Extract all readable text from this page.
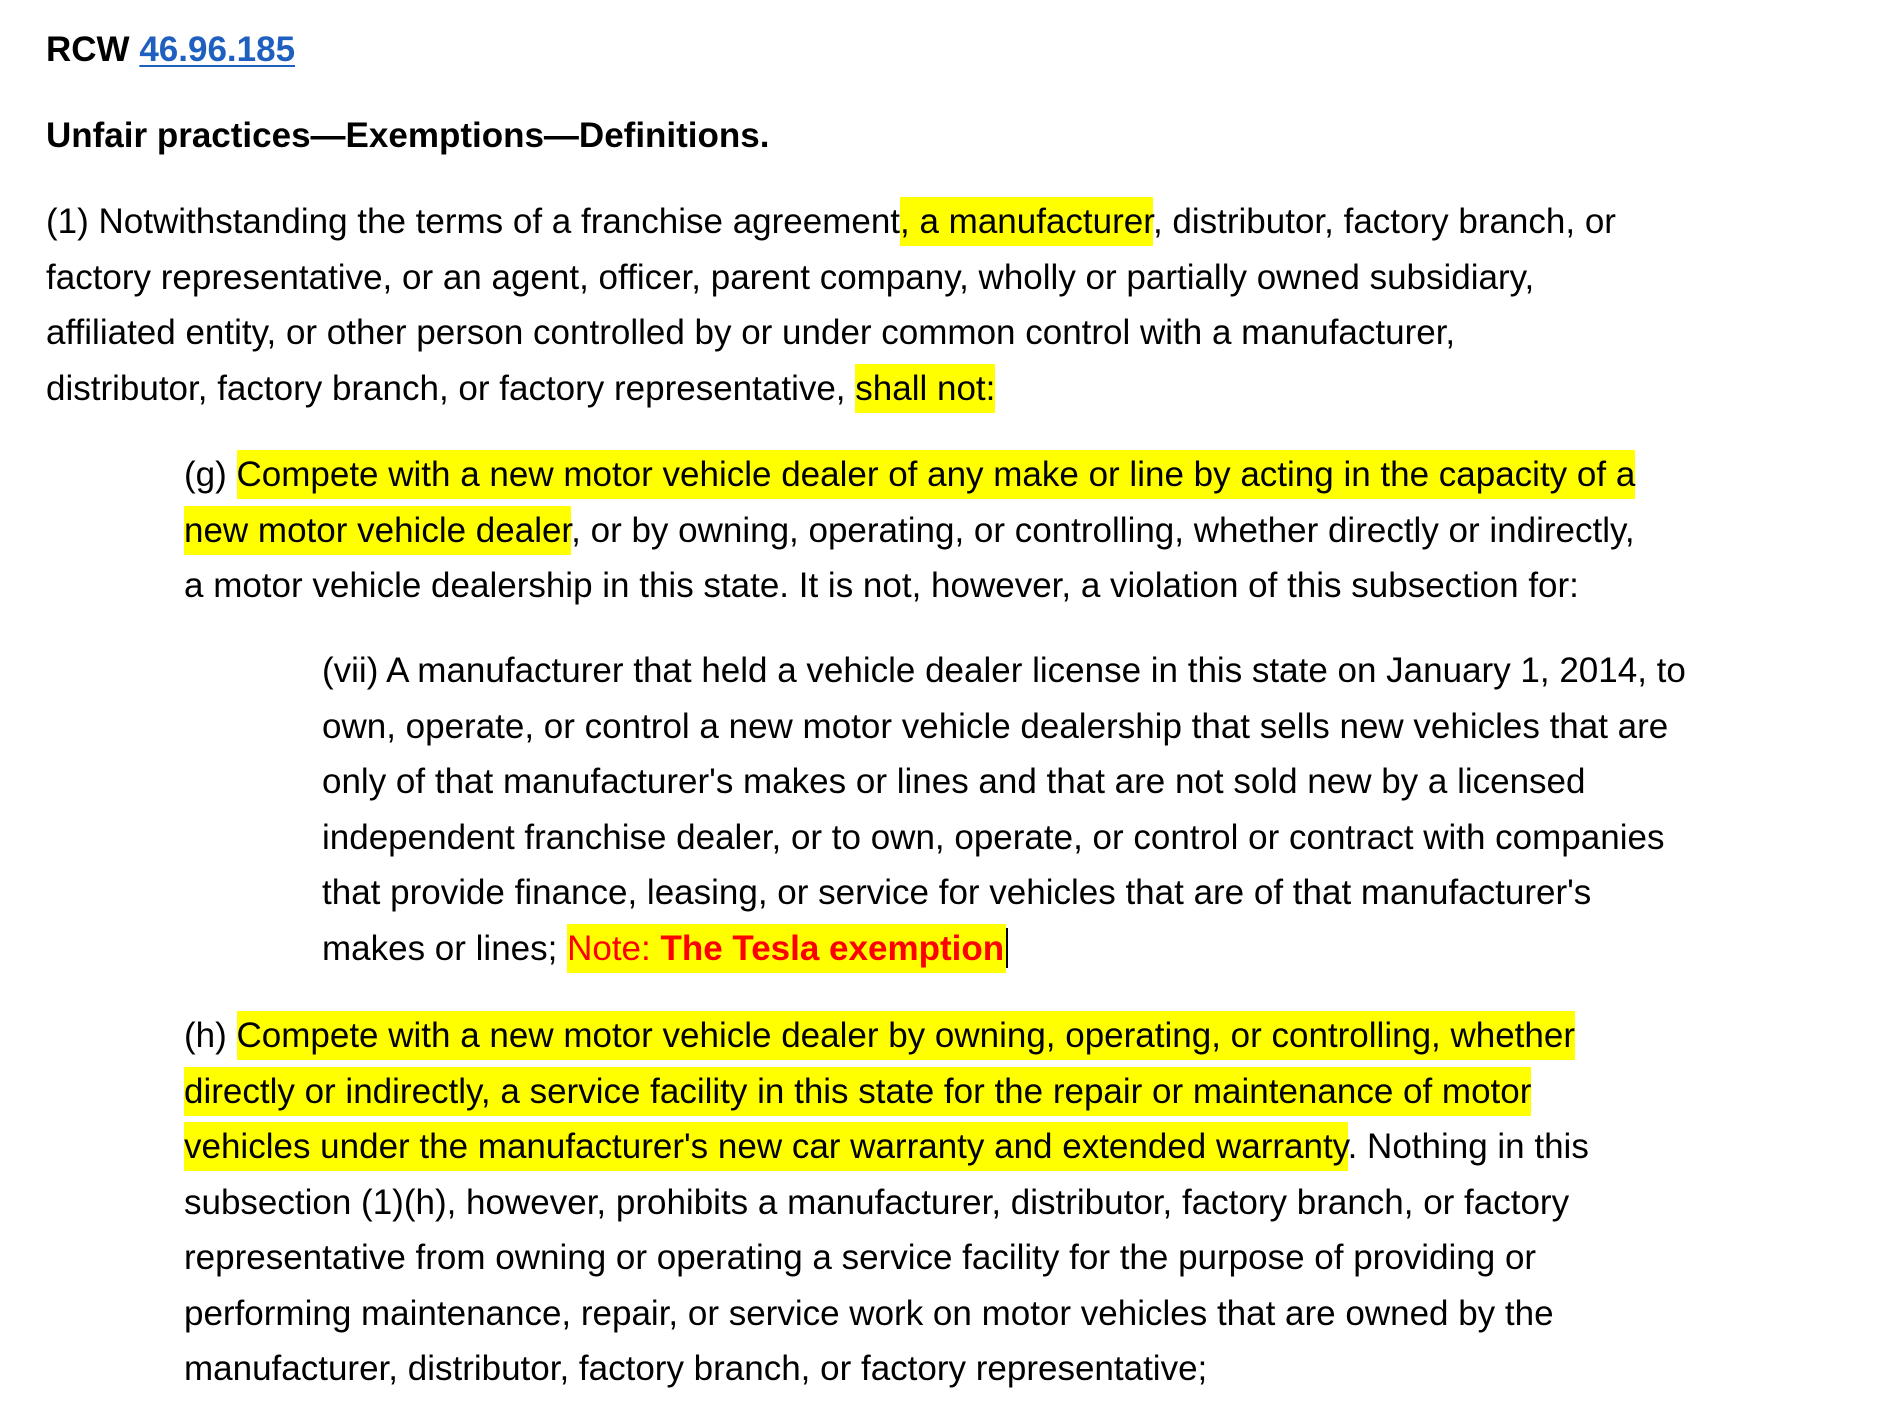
RCW 46.96.185
Unfair practices—Exemptions—Definitions.
(1) Notwithstanding the terms of a franchise agreement, a manufacturer, distributor, factory branch, or
factory representative, or an agent, officer, parent company, wholly or partially owned subsidiary,
affiliated entity, or other person controlled by or under common control with a manufacturer,
distributor, factory branch, or factory representative, shall not:
(g) Compete with a new motor vehicle dealer of any make or line by acting in the capacity of a
new motor vehicle dealer, or by owning, operating, or controlling, whether directly or indirectly,
a motor vehicle dealership in this state. It is not, however, a violation of this subsection for:
(vii) A manufacturer that held a vehicle dealer license in this state on January 1, 2014, to
own, operate, or control a new motor vehicle dealership that sells new vehicles that are
only of that manufacturer's makes or lines and that are not sold new by a licensed
independent franchise dealer, or to own, operate, or control or contract with companies
that provide finance, leasing, or service for vehicles that are of that manufacturer's
makes or lines; Note: The Tesla exemption
(h) Compete with a new motor vehicle dealer by owning, operating, or controlling, whether
directly or indirectly, a service facility in this state for the repair or maintenance of motor
vehicles under the manufacturer's new car warranty and extended warranty. Nothing in this
subsection (1)(h), however, prohibits a manufacturer, distributor, factory branch, or factory
representative from owning or operating a service facility for the purpose of providing or
performing maintenance, repair, or service work on motor vehicles that are owned by the
manufacturer, distributor, factory branch, or factory representative;
